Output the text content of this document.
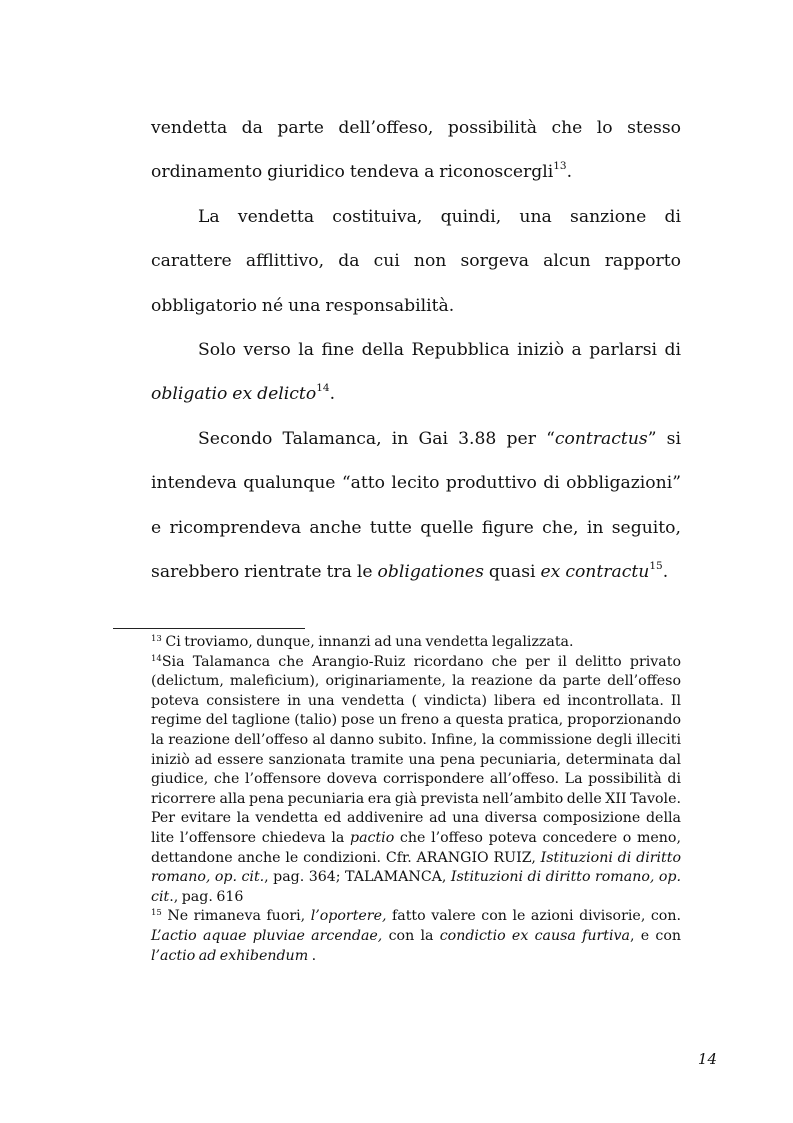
vendetta da parte dell’offeso, possibilità che lo stesso ordinamento giuridico tendeva a riconoscergli$^{13}$.

La vendetta costituiva, quindi, una sanzione di carattere afflittivo, da cui non sorgeva alcun rapporto obbligatorio né una responsabilità.

Solo verso la fine della Repubblica iniziò a parlarsi di obligatio ex delicto$^{14}$.

Secondo Talamanca, in Gai 3.88 per “contractus” si intendeva qualunque “atto lecito produttivo di obbligazioni” e ricomprendeva anche tutte quelle figure che, in seguito, sarebbero rientrate tra le obligationes quasi ex contractu$^{15}$.

$^{13}$ Ci troviamo, dunque, innanzi ad una vendetta legalizzata.

$^{14}$Sia Talamanca che Arangio-Ruiz ricordano che per il delitto privato (delictum, maleficium), originariamente, la reazione da parte dell’offeso poteva consistere in una vendetta ( vindicta) libera ed incontrollata. Il regime del taglione (talio) pose un freno a questa pratica, proporzionando la reazione dell’offeso al danno subito. Infine, la commissione degli illeciti iniziò ad essere sanzionata tramite una pena pecuniaria, determinata dal giudice, che l’offensore doveva corrispondere all’offeso. La possibilità di ricorrere alla pena pecuniaria era già prevista nell’ambito delle XII Tavole. Per evitare la vendetta ed addivenire ad una diversa composizione della lite l’offensore chiedeva la pactio che l’offeso poteva concedere o meno, dettandone anche le condizioni. Cfr. ARANGIO RUIZ, Istituzioni di diritto romano, op. cit., pag. 364; TALAMANCA, Istituzioni di diritto romano, op. cit., pag. 616

$^{15}$ Ne rimaneva fuori, l’oportere, fatto valere con le azioni divisorie, con. L’actio aquae pluviae arcendae, con la condictio ex causa furtiva, e con l’actio ad exhibendum .

14
